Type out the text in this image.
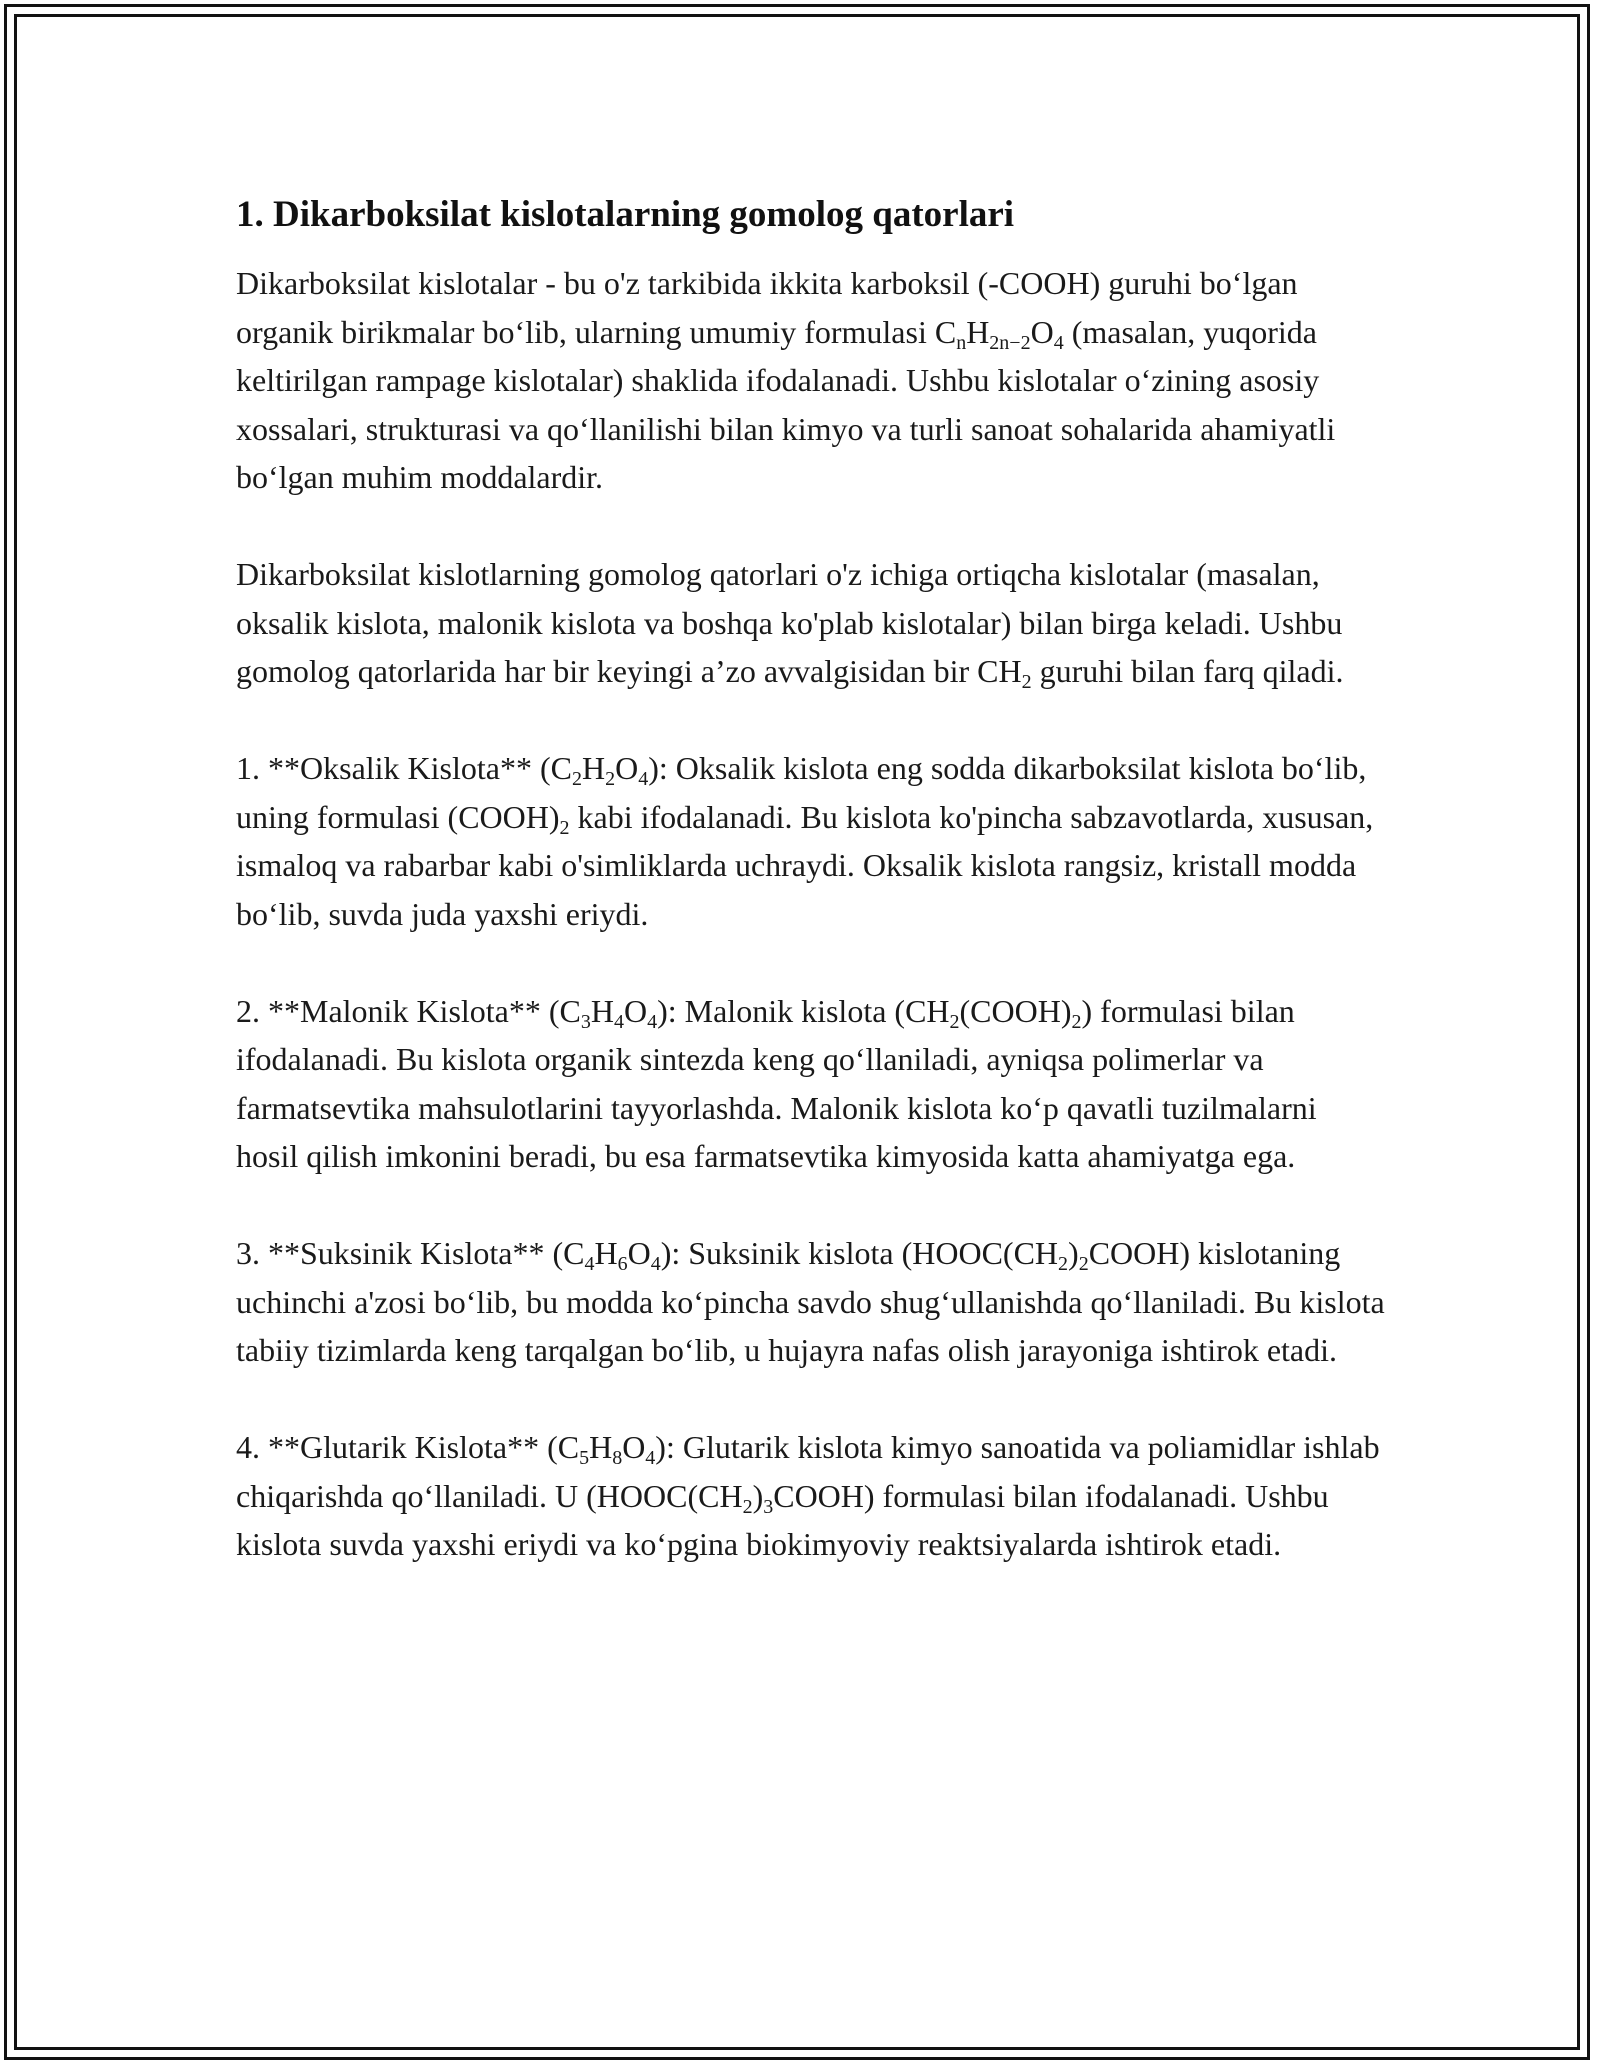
1. Dikarboksilat kislotalarning gomolog qatorlari

Dikarboksilat kislotalar - bu o'z tarkibida ikkita karboksil (-COOH) guruhi bo‘lgan organik birikmalar bo‘lib, ularning umumiy formulasi $C_nH_{2n-2}O_4$ (masalan, yuqorida keltirilgan rampage kislotalar) shaklida ifodalanadi. Ushbu kislotalar o‘zining asosiy xossalari, strukturasi va qo‘llanilishi bilan kimyo va turli sanoat sohalarida ahamiyatli bo‘lgan muhim moddalardir.

Dikarboksilat kislotlarning gomolog qatorlari o'z ichiga ortiqcha kislotalar (masalan, oksalik kislota, malonik kislota va boshqa ko'plab kislotalar) bilan birga keladi. Ushbu gomolog qatorlarida har bir keyingi a’zo avvalgisidan bir $CH_2$ guruhi bilan farq qiladi.

1. **Oksalik Kislota** $(C_2H_2O_4)$: Oksalik kislota eng sodda dikarboksilat kislota bo‘lib, uning formulasi $(COOH)_2$ kabi ifodalanadi. Bu kislota ko'pincha sabzavotlarda, xususan, ismaloq va rabarbar kabi o'simliklarda uchraydi. Oksalik kislota rangsiz, kristall modda bo‘lib, suvda juda yaxshi eriydi.

2. **Malonik Kislota** $(C_3H_4O_4)$: Malonik kislota $(CH_2(COOH)_2)$ formulasi bilan ifodalanadi. Bu kislota organik sintezda keng qo‘llaniladi, ayniqsa polimerlar va farmatsevtika mahsulotlarini tayyorlashda. Malonik kislota ko‘p qavatli tuzilmalarni hosil qilish imkonini beradi, bu esa farmatsevtika kimyosida katta ahamiyatga ega.

3. **Suksinik Kislota** $(C_4H_6O_4)$: Suksinik kislota $(HOOC(CH_2)_2COOH)$ kislotaning uchinchi a'zosi bo‘lib, bu modda ko‘pincha savdo shug‘ullanishda qo‘llaniladi. Bu kislota tabiiy tizimlarda keng tarqalgan bo‘lib, u hujayra nafas olish jarayoniga ishtirok etadi.

4. **Glutarik Kislota** $(C_5H_8O_4)$: Glutarik kislota kimyo sanoatida va poliamidlar ishlab chiqarishda qo‘llaniladi. U $(HOOC(CH_2)_3COOH)$ formulasi bilan ifodalanadi. Ushbu kislota suvda yaxshi eriydi va ko‘pgina biokimyoviy reaktsiyalarda ishtirok etadi.
